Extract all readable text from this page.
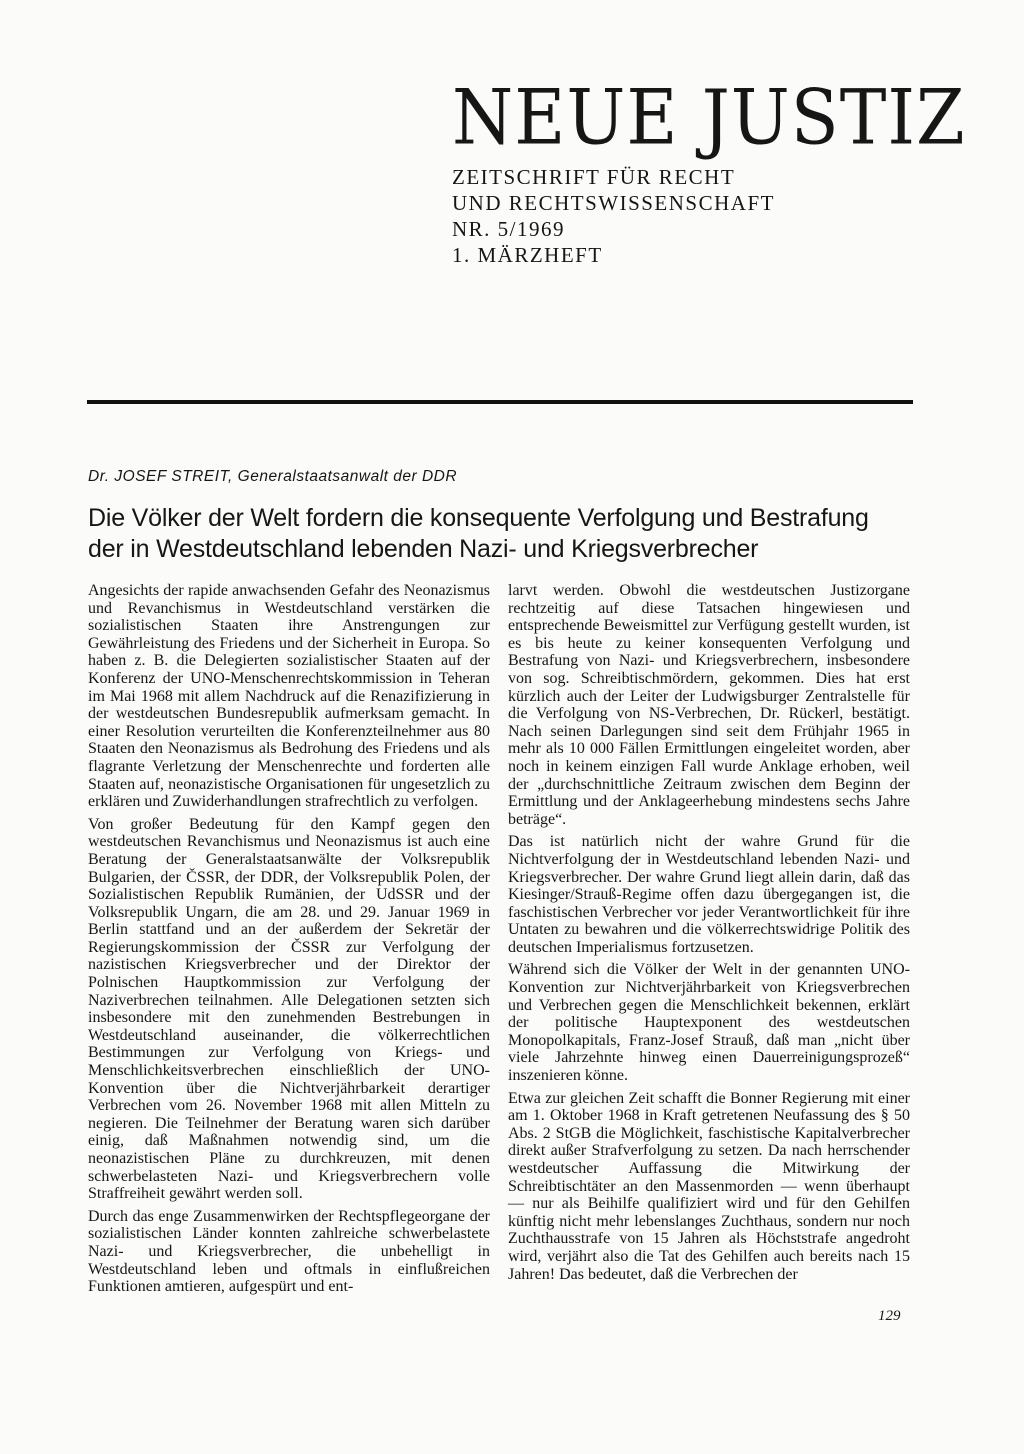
NEUE JUSTIZ
ZEITSCHRIFT FÜR RECHT
UND RECHTSWISSENSCHAFT
NR. 5/1969
1. MÄRZHEFT
Dr. JOSEF STREIT, Generalstaatsanwalt der DDR
Die Völker der Welt fordern die konsequente Verfolgung und Bestrafung
der in Westdeutschland lebenden Nazi- und Kriegsverbrecher

Angesichts der rapide anwachsenden Gefahr des Neonazismus und Revanchismus in Westdeutschland verstärken die sozialistischen Staaten ihre Anstrengungen zur Gewährleistung des Friedens und der Sicherheit in Europa. So haben z. B. die Delegierten sozialistischer Staaten auf der Konferenz der UNO-Menschenrechtskommission in Teheran im Mai 1968 mit allem Nachdruck auf die Renazifizierung in der westdeutschen Bundesrepublik aufmerksam gemacht. In einer Resolution verurteilten die Konferenzteilnehmer aus 80 Staaten den Neonazismus als Bedrohung des Friedens und als flagrante Verletzung der Menschenrechte und forderten alle Staaten auf, neonazistische Organisationen für ungesetzlich zu erklären und Zuwiderhandlungen strafrechtlich zu verfolgen.

Von großer Bedeutung für den Kampf gegen den westdeutschen Revanchismus und Neonazismus ist auch eine Beratung der Generalstaatsanwälte der Volksrepublik Bulgarien, der ČSSR, der DDR, der Volksrepublik Polen, der Sozialistischen Republik Rumänien, der UdSSR und der Volksrepublik Ungarn, die am 28. und 29. Januar 1969 in Berlin stattfand und an der außerdem der Sekretär der Regierungskommission der ČSSR zur Verfolgung der nazistischen Kriegsverbrecher und der Direktor der Polnischen Hauptkommission zur Verfolgung der Naziverbrechen teilnahmen. Alle Delegationen setzten sich insbesondere mit den zunehmenden Bestrebungen in Westdeutschland auseinander, die völkerrechtlichen Bestimmungen zur Verfolgung von Kriegs- und Menschlichkeitsverbrechen einschließlich der UNO-Konvention über die Nichtverjährbarkeit derartiger Verbrechen vom 26. November 1968 mit allen Mitteln zu negieren. Die Teilnehmer der Beratung waren sich darüber einig, daß Maßnahmen notwendig sind, um die neonazistischen Pläne zu durchkreuzen, mit denen schwerbelasteten Nazi- und Kriegsverbrechern volle Straffreiheit gewährt werden soll.

Durch das enge Zusammenwirken der Rechtspflegeorgane der sozialistischen Länder konnten zahlreiche schwerbelastete Nazi- und Kriegsverbrecher, die unbehelligt in Westdeutschland leben und oftmals in einflußreichen Funktionen amtieren, aufgespürt und ent-

larvt werden. Obwohl die westdeutschen Justizorgane rechtzeitig auf diese Tatsachen hingewiesen und entsprechende Beweismittel zur Verfügung gestellt wurden, ist es bis heute zu keiner konsequenten Verfolgung und Bestrafung von Nazi- und Kriegsverbrechern, insbesondere von sog. Schreibtischmördern, gekommen. Dies hat erst kürzlich auch der Leiter der Ludwigsburger Zentralstelle für die Verfolgung von NS-Verbrechen, Dr. Rückerl, bestätigt. Nach seinen Darlegungen sind seit dem Frühjahr 1965 in mehr als 10 000 Fällen Ermittlungen eingeleitet worden, aber noch in keinem einzigen Fall wurde Anklage erhoben, weil der „durchschnittliche Zeitraum zwischen dem Beginn der Ermittlung und der Anklageerhebung mindestens sechs Jahre beträge“.

Das ist natürlich nicht der wahre Grund für die Nichtverfolgung der in Westdeutschland lebenden Nazi- und Kriegsverbrecher. Der wahre Grund liegt allein darin, daß das Kiesinger/Strauß-Regime offen dazu übergegangen ist, die faschistischen Verbrecher vor jeder Verantwortlichkeit für ihre Untaten zu bewahren und die völkerrechtswidrige Politik des deutschen Imperialismus fortzusetzen.

Während sich die Völker der Welt in der genannten UNO-Konvention zur Nichtverjährbarkeit von Kriegsverbrechen und Verbrechen gegen die Menschlichkeit bekennen, erklärt der politische Hauptexponent des westdeutschen Monopolkapitals, Franz-Josef Strauß, daß man „nicht über viele Jahrzehnte hinweg einen Dauerreinigungsprozeß“ inszenieren könne.

Etwa zur gleichen Zeit schafft die Bonner Regierung mit einer am 1. Oktober 1968 in Kraft getretenen Neufassung des § 50 Abs. 2 StGB die Möglichkeit, faschistische Kapitalverbrecher direkt außer Strafverfolgung zu setzen. Da nach herrschender westdeutscher Auffassung die Mitwirkung der Schreibtischtäter an den Massenmorden — wenn überhaupt — nur als Beihilfe qualifiziert wird und für den Gehilfen künftig nicht mehr lebenslanges Zuchthaus, sondern nur noch Zuchthausstrafe von 15 Jahren als Höchststrafe angedroht wird, verjährt also die Tat des Gehilfen auch bereits nach 15 Jahren! Das bedeutet, daß die Verbrechen der

129
